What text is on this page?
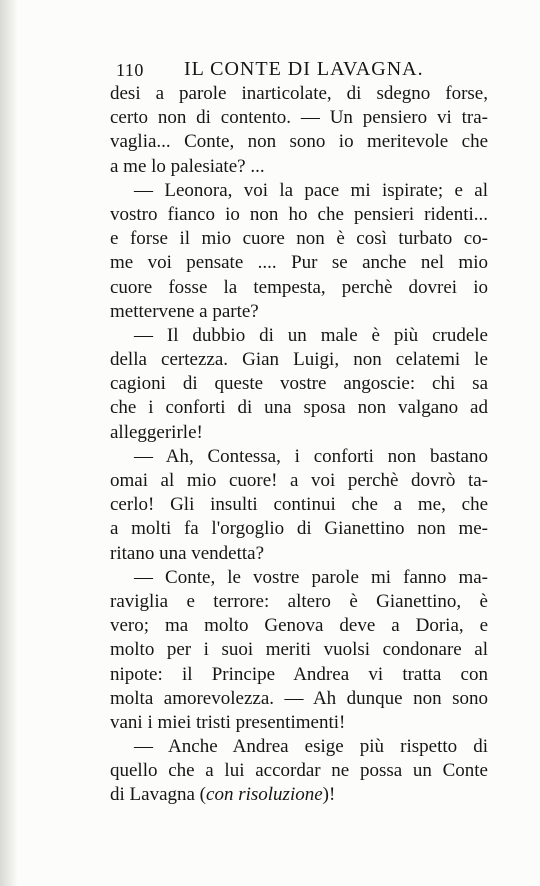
110 IL CONTE DI LAVAGNA.
desi a parole inarticolate, di sdegno forse,
certo non di contento. — Un pensiero vi tra-
vaglia... Conte, non sono io meritevole che
a me lo palesiate? ...
— Leonora, voi la pace mi ispirate; e al
vostro fianco io non ho che pensieri ridenti...
e forse il mio cuore non è così turbato co-
me voi pensate .... Pur se anche nel mio
cuore fosse la tempesta, perchè dovrei io
mettervene a parte?
— Il dubbio di un male è più crudele
della certezza. Gian Luigi, non celatemi le
cagioni di queste vostre angoscie: chi sa
che i conforti di una sposa non valgano ad
alleggerirle!
— Ah, Contessa, i conforti non bastano
omai al mio cuore! a voi perchè dovrò ta-
cerlo! Gli insulti continui che a me, che
a molti fa l'orgoglio di Gianettino non me-
ritano una vendetta?
— Conte, le vostre parole mi fanno ma-
raviglia e terrore: altero è Gianettino, è
vero; ma molto Genova deve a Doria, e
molto per i suoi meriti vuolsi condonare al
nipote: il Principe Andrea vi tratta con
molta amorevolezza. — Ah dunque non sono
vani i miei tristi presentimenti!
— Anche Andrea esige più rispetto di
quello che a lui accordar ne possa un Conte
di Lavagna (con risoluzione)!
